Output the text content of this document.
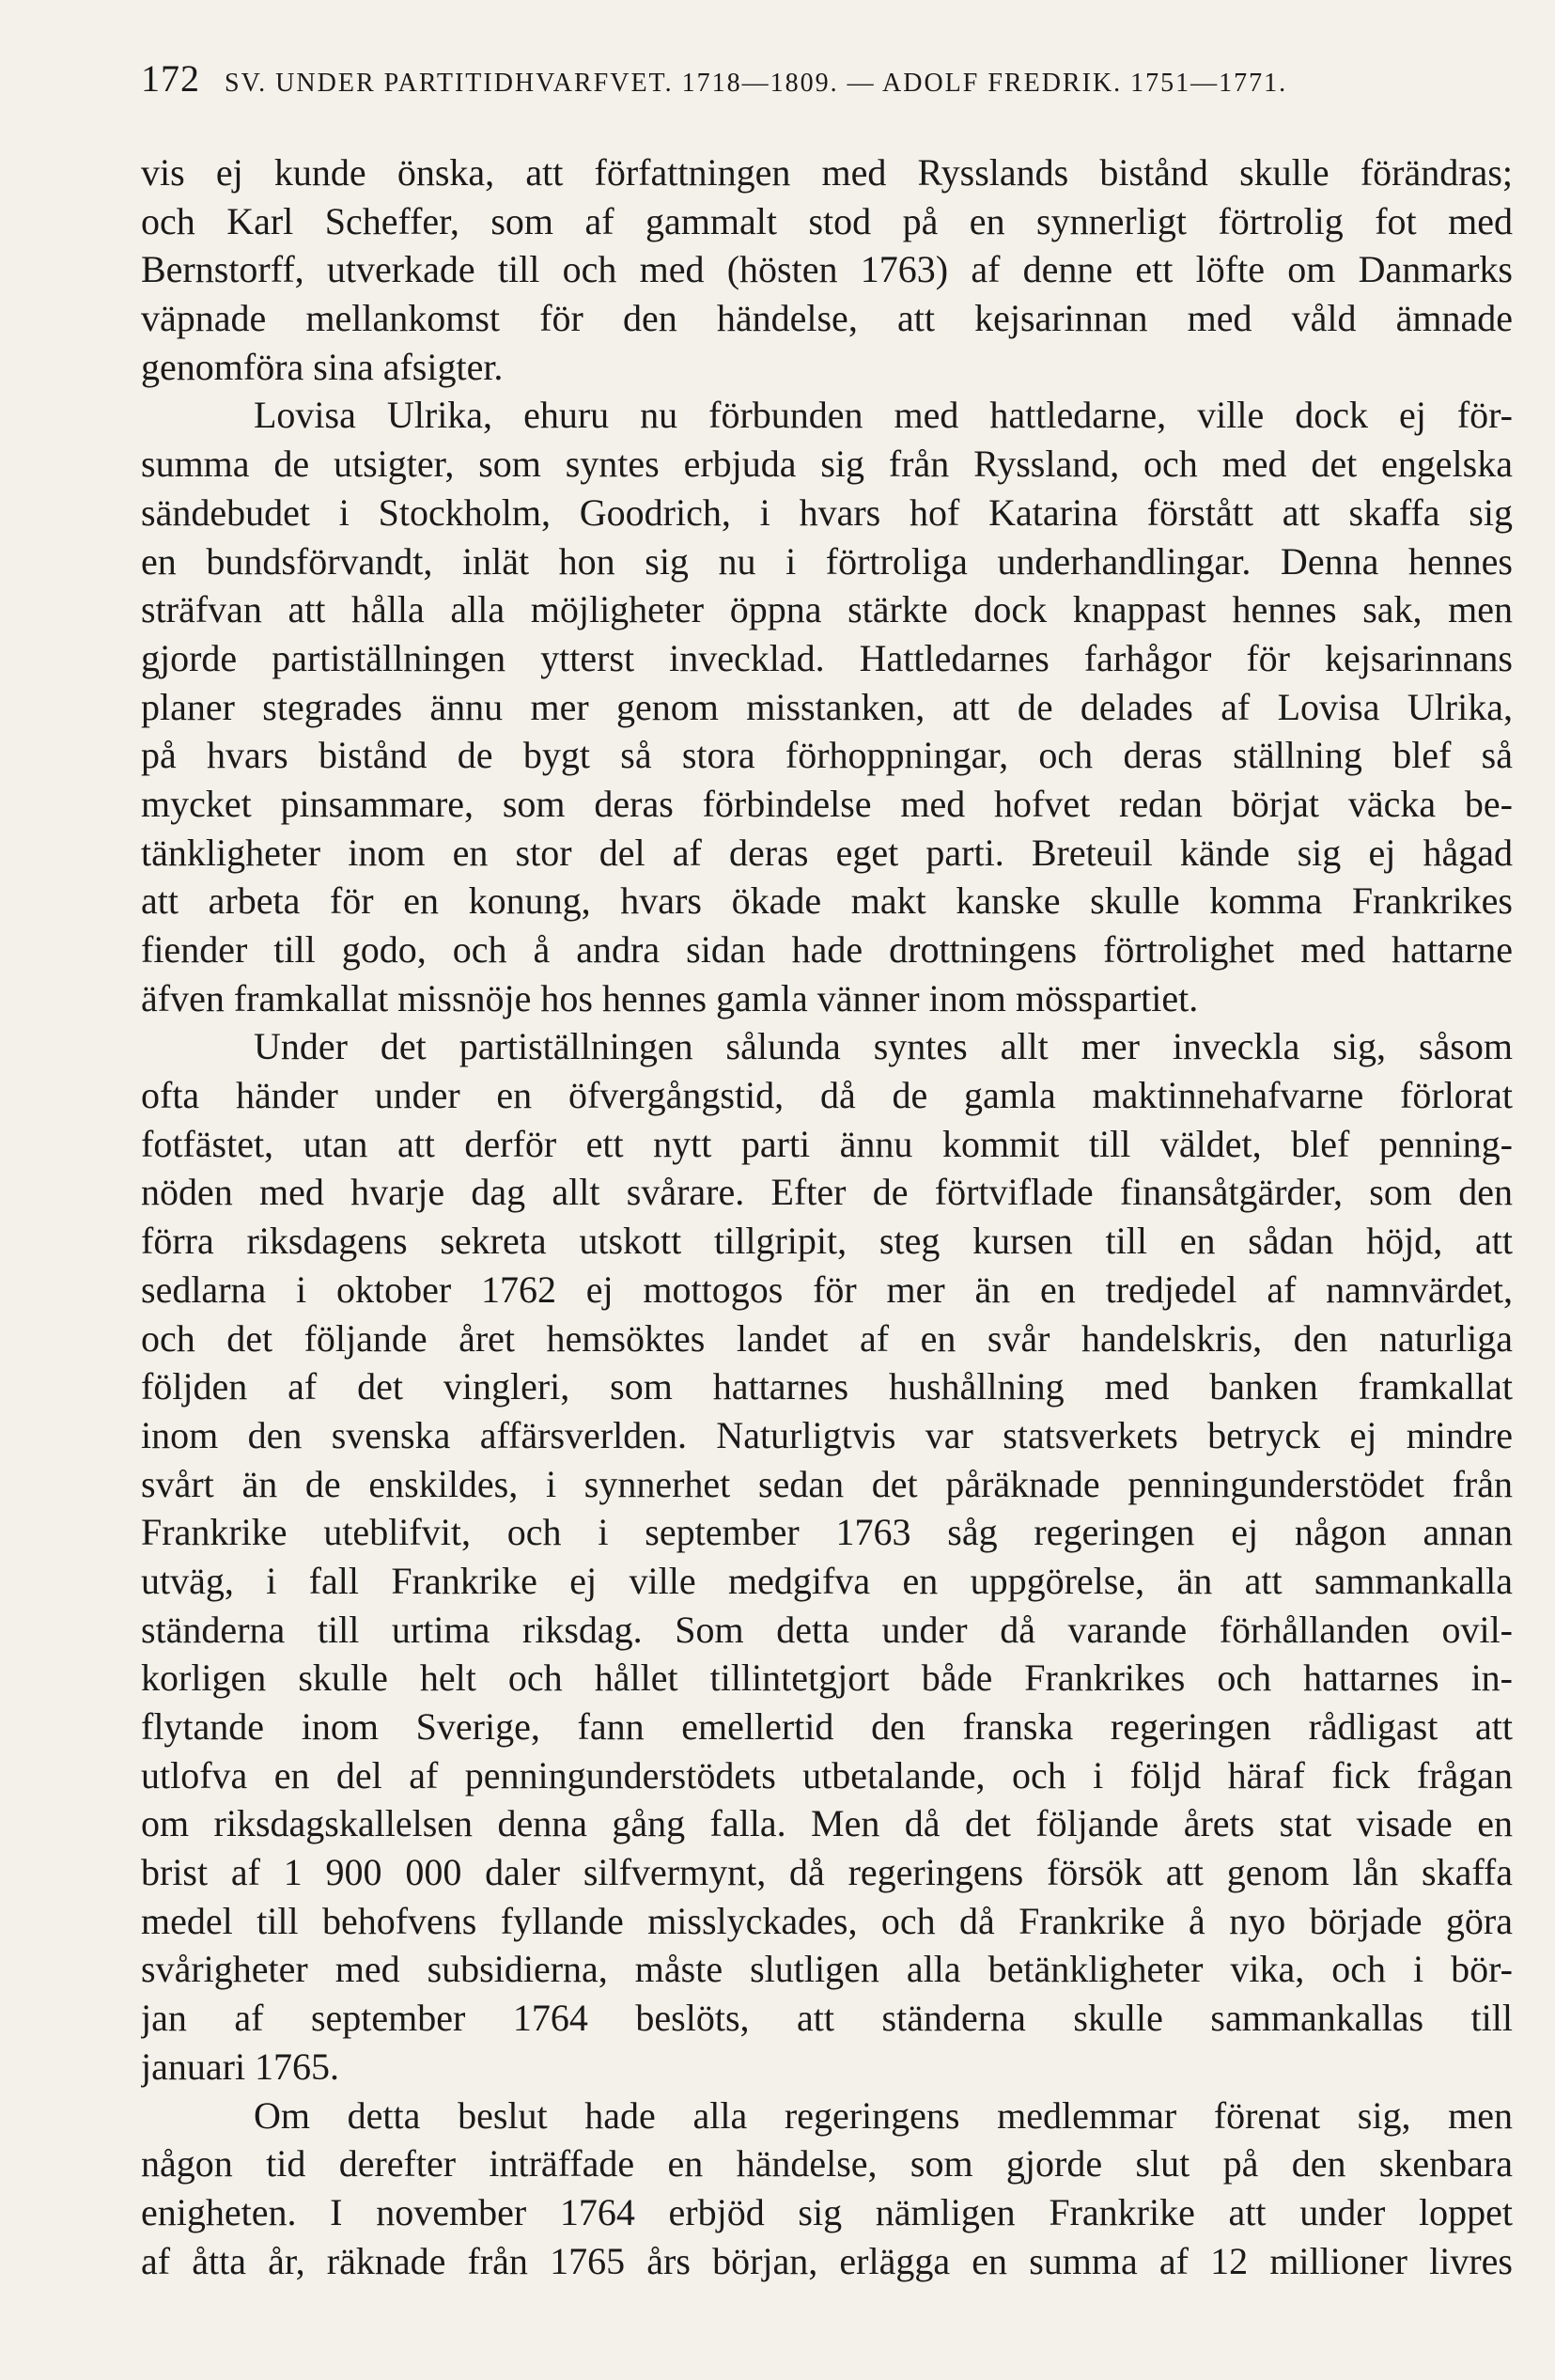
172 SV. UNDER PARTITIDHVARFVET. 1718—1809. — ADOLF FREDRIK. 1751—1771.
vis ej kunde önska, att författningen med Rysslands bistånd skulle förändras;
och Karl Scheffer, som af gammalt stod på en synnerligt förtrolig fot med
Bernstorff, utverkade till och med (hösten 1763) af denne ett löfte om Danmarks
väpnade mellankomst för den händelse, att kejsarinnan med våld ämnade
genomföra sina afsigter.
Lovisa Ulrika, ehuru nu förbunden med hattledarne, ville dock ej för-
summa de utsigter, som syntes erbjuda sig från Ryssland, och med det engelska
sändebudet i Stockholm, Goodrich, i hvars hof Katarina förstått att skaffa sig
en bundsförvandt, inlät hon sig nu i förtroliga underhandlingar. Denna hennes
sträfvan att hålla alla möjligheter öppna stärkte dock knappast hennes sak, men
gjorde partiställningen ytterst invecklad. Hattledarnes farhågor för kejsarinnans
planer stegrades ännu mer genom misstanken, att de delades af Lovisa Ulrika,
på hvars bistånd de bygt så stora förhoppningar, och deras ställning blef så
mycket pinsammare, som deras förbindelse med hofvet redan börjat väcka be-
tänkligheter inom en stor del af deras eget parti. Breteuil kände sig ej hågad
att arbeta för en konung, hvars ökade makt kanske skulle komma Frankrikes
fiender till godo, och å andra sidan hade drottningens förtrolighet med hattarne
äfven framkallat missnöje hos hennes gamla vänner inom mösspartiet.
Under det partiställningen sålunda syntes allt mer inveckla sig, såsom
ofta händer under en öfvergångstid, då de gamla maktinnehafvarne förlorat
fotfästet, utan att derför ett nytt parti ännu kommit till väldet, blef penning-
nöden med hvarje dag allt svårare. Efter de förtviflade finansåtgärder, som den
förra riksdagens sekreta utskott tillgripit, steg kursen till en sådan höjd, att
sedlarna i oktober 1762 ej mottogos för mer än en tredjedel af namnvärdet,
och det följande året hemsöktes landet af en svår handelskris, den naturliga
följden af det vingleri, som hattarnes hushållning med banken framkallat
inom den svenska affärsverlden. Naturligtvis var statsverkets betryck ej mindre
svårt än de enskildes, i synnerhet sedan det påräknade penningunderstödet från
Frankrike uteblifvit, och i september 1763 såg regeringen ej någon annan
utväg, i fall Frankrike ej ville medgifva en uppgörelse, än att sammankalla
ständerna till urtima riksdag. Som detta under då varande förhållanden ovil-
korligen skulle helt och hållet tillintetgjort både Frankrikes och hattarnes in-
flytande inom Sverige, fann emellertid den franska regeringen rådligast att
utlofva en del af penningunderstödets utbetalande, och i följd häraf fick frågan
om riksdagskallelsen denna gång falla. Men då det följande årets stat visade en
brist af 1 900 000 daler silfvermynt, då regeringens försök att genom lån skaffa
medel till behofvens fyllande misslyckades, och då Frankrike å nyo började göra
svårigheter med subsidierna, måste slutligen alla betänkligheter vika, och i bör-
jan af september 1764 beslöts, att ständerna skulle sammankallas till
januari 1765.
Om detta beslut hade alla regeringens medlemmar förenat sig, men
någon tid derefter inträffade en händelse, som gjorde slut på den skenbara
enigheten. I november 1764 erbjöd sig nämligen Frankrike att under loppet
af åtta år, räknade från 1765 års början, erlägga en summa af 12 millioner livres
